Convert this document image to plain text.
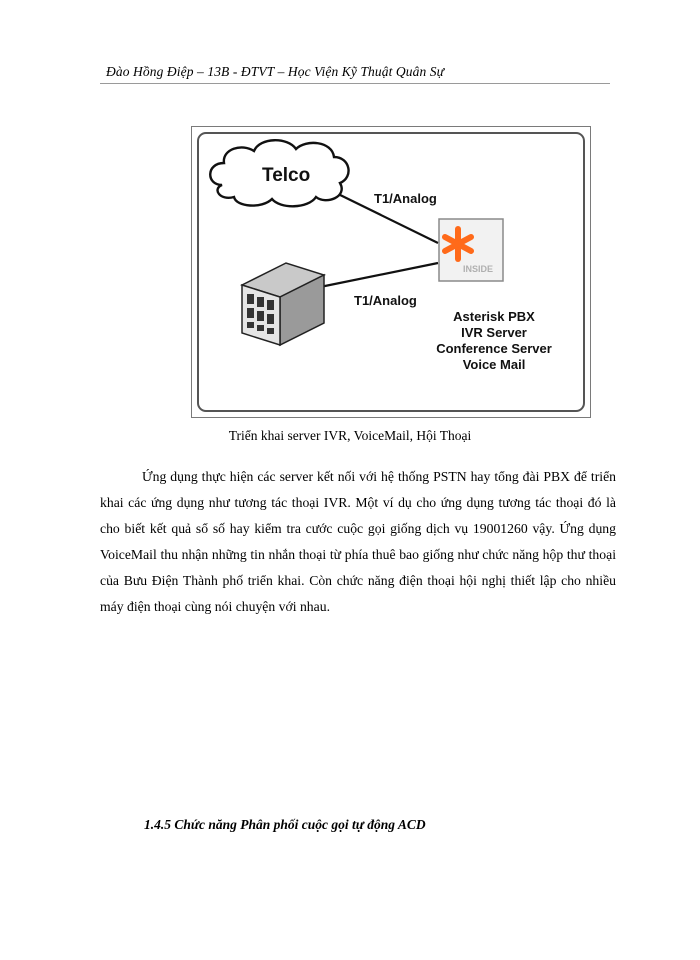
Đào Hồng Điệp – 13B - ĐTVT – Học Viện Kỹ Thuật Quân Sự
Telco
INSIDE
T1/Analog
T1/Analog
Asterisk PBX
IVR Server
Conference Server
Voice Mail
Triển khai server IVR, VoiceMail, Hội Thoại

Ứng dụng thực hiện các server kết nối với hệ thống PSTN hay tổng đài PBX để triển khai các ứng dụng như tương tác thoại IVR. Một ví dụ cho ứng dụng tương tác thoại đó là cho biết kết quả sổ số hay kiểm tra cước cuộc gọi giống dịch vụ 19001260 vậy. Ứng dụng VoiceMail thu nhận những tin nhắn thoại từ phía thuê bao giống như chức năng hộp thư thoại của Bưu Điện Thành phố triển khai. Còn chức năng điện thoại hội nghị thiết lập cho nhiều máy điện thoại cùng nói chuyện với nhau.

1.4.5 Chức năng Phân phối cuộc gọi tự động ACD
